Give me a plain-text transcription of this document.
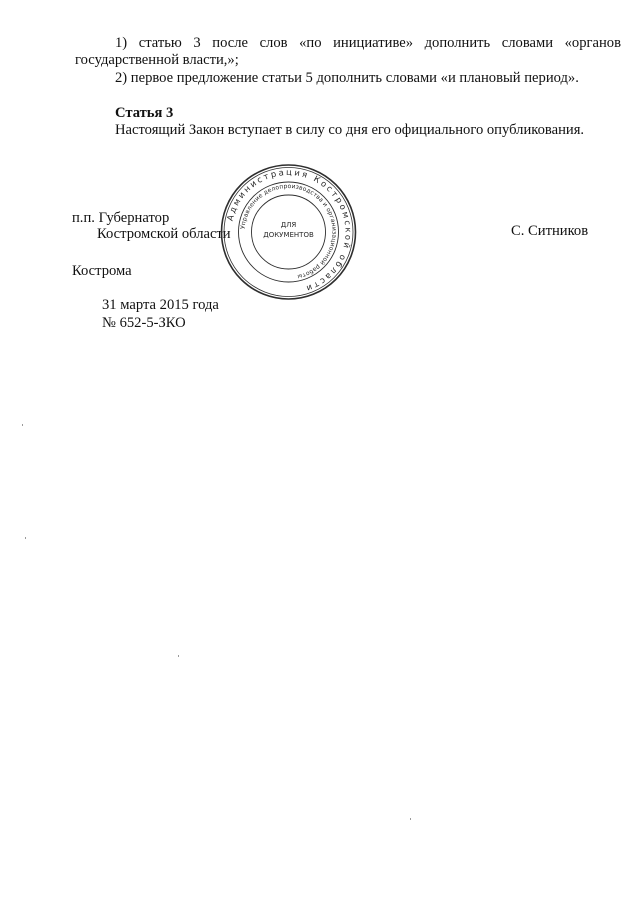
1) статью 3 после слов «по инициативе» дополнить словами «органов
государственной власти,»;
2) первое предложение статьи 5 дополнить словами «и плановый период».
Статья 3
Настоящий Закон вступает в силу со дня его официального опубликования.
п.п. Губернатор
Костромской области	С. Ситников
Кострома
31 марта 2015 года
№ 652-5-ЗКО
Администрация Костромской области
Управление делопроизводства и организационной работы
ДЛЯ
ДОКУМЕНТОВ
